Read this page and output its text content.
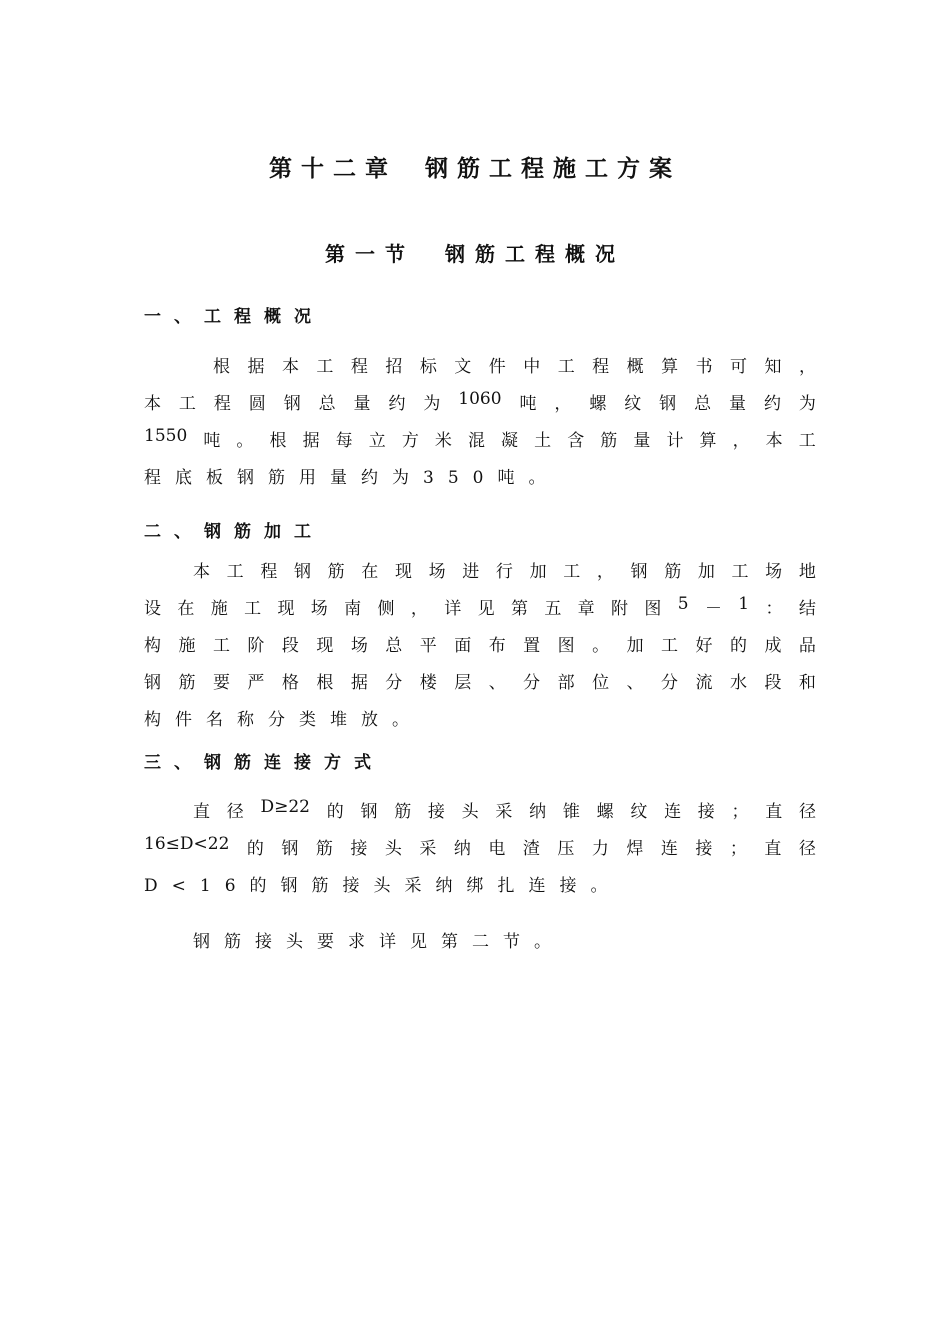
第十二章 钢筋工程施工方案
第一节 钢筋工程概况
一、工程概况
根 据 本 工 程 招 标 文 件 中 工 程 概 算 书 可 知 ，
本 工 程 圆 钢 总 量 约 为 1060 吨 ， 螺 纹 钢 总 量 约 为
1550 吨 。 根 据 每 立 方 米 混 凝 土 含 筋 量 计 算 ， 本 工
程底板钢筋用量约为350吨。
二、钢筋加工
本 工 程 钢 筋 在 现 场 进 行 加 工 ， 钢 筋 加 工 场 地
设 在 施 工 现 场 南 侧 ， 详 见 第 五 章 附 图 5 － 1 ： 结
构 施 工 阶 段 现 场 总 平 面 布 置 图 。 加 工 好 的 成 品
钢 筋 要 严 格 根 据 分 楼 层 、 分 部 位 、 分 流 水 段 和
构件名称分类堆放。
三、钢筋连接方式
直 径 D≥22 的 钢 筋 接 头 采 纳 锥 螺 纹 连 接 ； 直 径
16≤D<22 的 钢 筋 接 头 采 纳 电 渣 压 力 焊 连 接 ； 直 径
D<16的钢筋接头采纳绑扎连接。
钢筋接头要求详见第二节。
